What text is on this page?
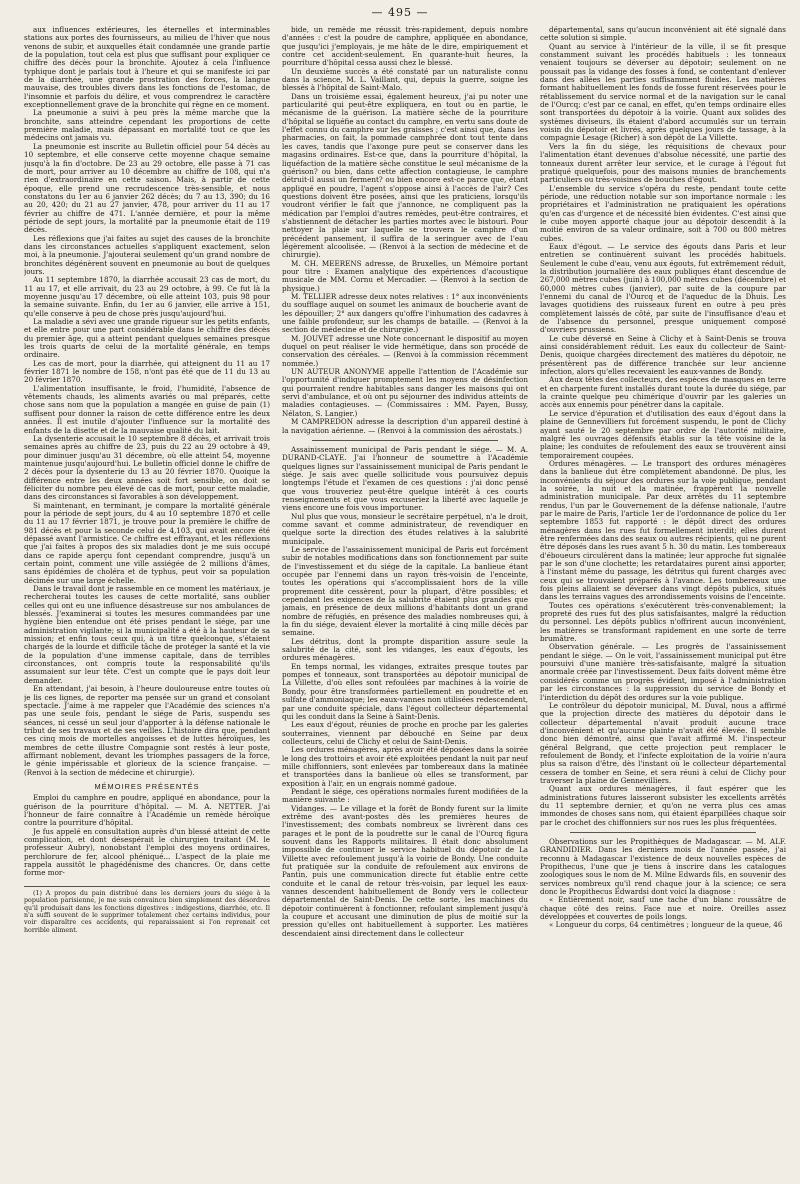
— 495 —

aux influences extérieures, les éternelles et interminables stations aux portes des fournisseurs, au milieu de l'hiver que nous venons de subir, et auxquelles était condamnée une grande partie de la population, tout cela est plus que suffisant pour expliquer ce chiffre des décès pour la bronchite. Ajoutez à cela l'influence typhique dont je parlais tout à l'heure et qui se manifeste ici par de la diarrhée, une grande prostration des forces, la langue mauvaise, des troubles divers dans les fonctions de l'estomac, de l'insomnie et parfois du délire, et vous comprendrez le caractère exceptionnellement grave de la bronchite qui règne en ce moment.

La pneumonie a suivi à peu près la même marche que la bronchite, sans atteindre cependant les proportions de cette première maladie, mais dépassant en mortalité tout ce que les médecins ont jamais vu.

La pneumonie est inscrite au Bulletin officiel pour 54 décès au 10 septembre, et elle conserve cette moyenne chaque semaine jusqu'à la fin d'octobre. De 23 au 29 octobre, elle passe à 71 cas de mort, pour arriver au 10 décembre au chiffre de 108, qui n'a rien d'extraordinaire en cette saison. Mais, à partir de cette époque, elle prend une recrudescence très-sensible, et nous constatons du 1er au 6 janvier 262 décès; du 7 au 13, 390; du 16 au 20, 420; du 21 au 27 janvier, 478, pour arriver du 11 au 17 février au chiffre de 471. L'année dernière, et pour la même période de sept jours, la mortalité par la pneumonie était de 119 décès.

Les réflexions que j'ai faites au sujet des causes de la bronchite dans les circonstances actuelles s'appliquent exactement, selon moi, à la pneumonie. J'ajouterai seulement qu'un grand nombre de bronchites dégénèrent souvent en pneumonie au bout de quelques jours.

Au 11 septembre 1870, la diarrhée accusait 23 cas de mort, du 11 au 17, et elle arrivait, du 23 au 29 octobre, à 99. Ce fut là la moyenne jusqu'au 17 décembre, où elle atteint 103, puis 98 pour la semaine suivante. Enfin, du 1er au 6 janvier, elle arrive à 151, qu'elle conserve à peu de chose près jusqu'aujourd'hui.

La maladie a sévi avec une grande rigueur sur les petits enfants, et elle entre pour une part considérable dans le chiffre des décès du premier âge, qui a atteint pendant quelques semaines presque les trois quarts de celui de la mortalité générale, en temps ordinaire.

Les cas de mort, pour la diarrhée, qui atteignent du 11 au 17 février 1871 le nombre de 158, n'ont pas été que de 11 du 13 au 20 février 1870.

L'alimentation insuffisante, le froid, l'humidité, l'absence de vêtements chauds, les aliments avariés ou mal préparés, cette chose sans nom que la population a mangée en guise de pain (1) suffisent pour donner la raison de cette différence entre les deux années. Il est inutile d'ajouter l'influence sur la mortalité des enfants de la disette et de la mauvaise qualité du lait.

La dysenterie accusait le 10 septembre 8 décès, et arrivait trois semaines après au chiffre de 23, puis du 22 au 29 octobre à 49, pour diminuer jusqu'au 31 décembre, où elle atteint 54, moyenne maintenue jusqu'aujourd'hui. Le bulletin officiel donne le chiffre de 2 décès pour la dysenterie du 13 au 20 février 1870. Quoique la différence entre les deux années soit fort sensible, on doit se féliciter du nombre peu élevé de cas de mort, pour cette maladie, dans des circonstances si favorables à son développement.

Si maintenant, en terminant, je compare la mortalité générale pour la période de sept jours, du 4 au 10 septembre 1870 et celle du 11 au 17 février 1871, je trouve pour la première le chiffre de 981 décès et pour la seconde celui de 4,103, qui avait encore été dépassé avant l'armistice. Ce chiffre est effrayant, et les réflexions que j'ai faites à propos des six maladies dont je me suis occupé dans ce rapide aperçu font cependant comprendre, jusqu'à un certain point, comment une ville assiégée de 2 millions d'âmes, sans épidémies de choléra et de typhus, peut voir sa population décimée sur une large échelle.

Dans le travail dont je rassemble en ce moment les matériaux, je rechercherai toutes les causes de cette mortalité, sans oublier celles qui ont eu une influence désastreuse sur nos ambulances de blessés. J'examinerai si toutes les mesures commandées par une hygiène bien entendue ont été prises pendant le siége, par une administration vigilante; si la municipalité a été à la hauteur de sa mission; et enfin tous ceux qui, à un titre quelconque, s'étaient chargés de la lourde et difficile tâche de protéger la santé et la vie de la population d'une immense capitale, dans de terribles circonstances, ont compris toute la responsabilité qu'ils assumaient sur leur tête. C'est un compte que le pays doit leur demander.

En attendant, j'ai besoin, à l'heure douloureuse entre toutes où je lis ces lignes, de reporter ma pensée sur un grand et consolant spectacle. J'aime à me rappeler que l'Académie des sciences n'a pas une seule fois, pendant le siége de Paris, suspendu ses séances, ni cessé un seul jour d'apporter à la défense nationale le tribut de ses travaux et de ses veilles. L'histoire dira que, pendant ces cinq mois de mortelles angoisses et de luttes héroïques, les membres de cette illustre Compagnie sont restés à leur poste, affirmant noblement, devant les triomphes passagers de la force, le génie impérissable et glorieux de la science française. — (Renvoi à la section de médecine et chirurgie).

MÉMOIRES PRÉSENTÉS

Emploi du camphre en poudre, appliqué en abondance, pour la guérison de la pourriture d'hôpital. — M. A. NETTER. J'ai l'honneur de faire connaître à l'Académie un remède héroïque contre la pourriture d'hôpital.

Je fus appelé en consultation auprès d'un blessé atteint de cette complication, et dont désespérait le chirurgien traitant (M. le professeur Aubry), nonobstant l'emploi des moyens ordinaires, perchlorure de fer, alcool phéniqué... L'aspect de la plaie me rappela aussitôt le phagédénisme des chancres. Or, dans cette forme mor-

(1) A propos du pain distribué dans les derniers jours du siége à la population parisienne, je me suis convaincu bien simplement des désordres qu'il produisait dans les fonctions digestives : indigestions, diarrhée, etc. Il n'a suffi souvent de le supprimer totalement chez certains individus, pour voir disparaître ces accidents, qui reparaissaient si l'on reprenait cet horrible aliment.

bide, un remède me réussit très-rapidement, depuis nombre d'années : c'est la poudre de camphre, appliquée en abondance, que jusqu'ici j'employais, je me hâte de le dire, empiriquement et contre cet accident-seulement. En quarante-huit heures, la pourriture d'hôpital cessa aussi chez le blessé.

Un deuxième succès a été constaté par un naturaliste connu dans la science, M. L. Vaillant, qui, depuis la guerre, soigne les blessés à l'hôpital de Saint-Malo.

Dans un troisième essai, également heureux, j'ai pu noter une particularité qui peut-être expliquera, en tout ou en partie, le mécanisme de la guérison. La matière sèche de la pourriture d'hôpital se liquéfie au contact du camphre, en vertu sans doute de l'effet connu du camphre sur les graisses ; c'est ainsi que, dans les pharmacies, on fait, la pommade camphrée dont tout tente dans les caves, tandis que l'axonge pure peut se conserver dans les magasins ordinaires. Est-ce que, dans la pourriture d'hôpital, la liquéfaction de la matière sèche constitue le seul mécanisme de la guérison? ou bien, dans cette affection contagieuse, le camphre détruit-il aussi un ferment? ou bien encore est-ce parce que, étant appliqué en poudre, l'agent s'oppose ainsi à l'accès de l'air? Ces questions doivent être posées, ainsi que les praticiens, lorsqu'ils voudront vérifier le fait que j'annonce, ne compliquent pas la médication par l'emploi d'autres remèdes, peut-être contraires, et s'abstiennent de détacher les parties mortes avec le bistouri. Pour nettoyer la plaie sur laquelle se trouvera le camphre d'un précédent pansement, il suffira de la seringuer avec de l'eau légèrement alcoolisée. — (Renvoi à la section de médecine et de chirurgie).

M. CH. MEERENS adresse, de Bruxelles, un Mémoire portant pour titre : Examen analytique des expériences d'acoustique musicale de MM. Cornu et Mercadier. — (Renvoi à la section de physique.)

M. TELLIER adresse deux notes relatives : 1° aux inconvénients du soufflage auquel on soumet les animaux de boucherie avant de les dépouiller; 2° aux dangers qu'offre l'inhumation des cadavres à une faible profondeur, sur les champs de bataille. — (Renvoi à la section de médecine et de chirurgie.)

M. JOUVET adresse une Note concernant le dispositif au moyen duquel on peut réaliser le vide hermétique, dans son procédé de conservation des céréales. — (Renvoi à la commission récemment nommée.)

UN AUTEUR ANONYME appelle l'attention de l'Académie sur l'opportunité d'indiquer promptement les moyens de désinfection qui pourraient rendre habitables sans danger les maisons qui ont servi d'ambulance, et où ont pu séjourner des individus atteints de maladies contagieuses. — (Commissaires : MM. Payen, Bussy, Nélaton, S. Langier.)

M CAMPREDON adresse la description d'un appareil destiné à la navigation aérienne. — (Renvoi à la commission des aérostats.)

Assainissement municipal de Paris pendant le siége. — M. A. DURAND-CLAYE. J'ai l'honneur de soumettre à l'Académie quelques lignes sur l'assainissement municipal de Paris pendant le siége. Je sais avec quelle sollicitude vous poursuivez depuis longtemps l'étude et l'examen de ces questions : j'ai donc pensé que vous trouveriez peut-être quelque intérêt à ces courts renseignements et que vous excuseriez la liberté avec laquelle je viens encore une fois vous importuner.

Nul plus que vous, monsieur le secrétaire perpétuel, n'a le droit, comme savant et comme administrateur, de revendiquer en quelque sorte la direction des études relatives à la salubrité municipale.

Le service de l'assainissement municipal de Paris eut forcément subir de notables modifications dans son fonctionnement par suite de l'investissement et du siége de la capitale. La banlieue étant occupée par l'ennemi dans un rayon très-voisin de l'enceinte, toutes les opérations qui s'accomplissaient hors de la ville proprement dite cessèrent, pour la plupart, d'être possibles; et cependant les exigences de la salubrité étaient plus grandes que jamais, en présence de deux millions d'habitants dont un grand nombre de réfugiés, en présence des maladies nombreuses qui, à la fin du siége, devaient élever la mortalité à cinq mille décès par semaine.

Les détritus, dont la prompte disparition assure seule la salubrité de la cité, sont les vidanges, les eaux d'égouts, les ordures ménagères.

En temps normal, les vidanges, extraites presque toutes par pompes et tonneaux, sont transportées au dépotoir municipal de La Villette, d'où elles sont refoulées par machines à la voirie de Bondy, pour être transformées partiellement en poudrette et en sulfate d'ammoniaque; les eaux-vannes non utilisées redescendent, par une conduite spéciale, dans l'égout collecteur départemental qui les conduit dans la Seine à Saint-Denis.

Les eaux d'égout, réunies de proche en proche par les galeries souterraines, viennent par débouché en Seine par deux collecteurs, celui de Clichy et celui de Saint-Denis.

Les ordures ménagères, après avoir été déposées dans la soirée le long des trottoirs et avoir été exploitées pendant la nuit par neuf mille chiffonniers, sont enlevées par tombereaux dans la matinée et transportées dans la banlieue où elles se transforment, par exposition à l'air, en un engrais nommé gadoue.

Pendant le siége, ces opérations normales furent modifiées de la manière suivante :

Vidanges. — Le village et la forêt de Bondy furent sur la limite extrême des avant-postes dès les premières heures de l'investissement; des combats nombreux se livrèrent dans ces parages et le pont de la poudrette sur le canal de l'Ourcq figura souvent dans les Rapports militaires. Il était donc absolument impossible de continuer le service habituel du dépotoir de La Villette avec refoulement jusqu'à la voirie de Bondy. Une conduite fut pratiquée sur la conduite de refoulement aux environs de Pantin, puis une communication directe fut établie entre cette conduite et le canal de retour très-voisin, par lequel les eaux-vannes descendent habituellement de Bondy vers le collecteur départemental de Saint-Denis. De cette sorte, les machines du dépotoir continuèrent à fonctionner, refoulant simplement jusqu'à la coupure et accusant une diminution de plus de moitié sur la pression qu'elles ont habituellement à supporter. Les matières descendaient ainsi directement dans le collecteur

départemental, sans qu'aucun inconvénient ait été signalé dans cette solution si simple.

Quant au service à l'intérieur de la ville, il se fit presque constamment suivant les procédés habituels : les tonneaux venaient toujours se déverser au dépotoir; seulement on ne poussait pas la vidange des fosses à fond, se contentant d'enlever dans des allées les parties suffisamment fluides. Les matières formant habituellement les fonds de fosse furent réservées pour le rétablissement du service normal et de la navigation sur le canal de l'Ourcq; c'est par ce canal, en effet, qu'en temps ordinaire elles sont transportées du dépotoir à la voirie. Quant aux solides des systèmes diviseurs, ils étaient d'abord accumulés sur un terrain voisin du dépotoir et livrés, après quelques jours de tassage, à la compagnie Lesage (Richer) à son dépôt de La Villette.

Vers la fin du siége, les réquisitions de chevaux pour l'alimentation étant devenues d'absolue nécessité, une partie des tonneaux durent arrêter leur service, et le curage à l'égout fut pratiqué quelquefois, pour des maisons munies de branchements particuliers ou très-voisines de bouches d'égout.

L'ensemble du service s'opéra du reste, pendant toute cette période, une réduction notable sur son importance normale : les propriétaires et l'administration ne pratiquaient les opérations qu'en cas d'urgence et de nécessité bien évidentes. C'est ainsi que le cube moyen apporté chaque jour au dépotoir descendit à la moitié environ de sa valeur ordinaire, soit à 700 ou 800 mètres cubes.

Eaux d'égout. — Le service des égouts dans Paris et leur entretien se continuèrent suivant les procédés habituels. Seulement le cube d'eau, venu aux égouts, fut extrêmement réduit, la distribution journalière des eaux publiques étant descendue de 267,000 mètres cubes (juin) à 100,000 mètres cubes (décembre) et 60,000 mètres cubes (janvier), par suite de la coupure par l'ennemi du canal de l'Ourcq et de l'aqueduc de la Dhuis. Les lavages quotidiens des ruisseaux furent en outre à peu près complètement laissés de côté, par suite de l'insuffisance d'eau et de l'absence du personnel, presque uniquement composé d'ouvriers prussiens.

Le cube déversé en Seine à Clichy et à Saint-Denis se trouva ainsi considérablement réduit. Les eaux du collecteur de Saint-Denis, quoique chargées directement des matières du dépotoir, ne présentèrent pas de différence tranchée sur leur ancienne infection, alors qu'elles recevaient les eaux-vannes de Bondy.

Aux deux têtes des collecteurs, des espèces de masques en terre et en charpente furent installés durant toute la durée du siége, par la crainte quelque peu chimérique d'ouvrir par les galeries un accès aux ennemis pour pénétrer dans la capitale.

Le service d'épuration et d'utilisation des eaux d'égout dans la plaine de Gennevilliers fut forcément suspendu, le pont de Clichy ayant sauté le 20 septembre par ordre de l'autorité militaire, malgré les ouvrages défensifs établis sur la tête voisine de la plaine; les conduites de refoulement des eaux se trouvèrent ainsi temporairement coupées.

Ordures ménagères. — Le transport des ordures ménagères dans la banlieue dut être complètement abandonné. De plus, les inconvénients du séjour des ordures sur la voie publique, pendant la soirée, la nuit et la matinée, frappèrent la nouvelle administration municipale. Par deux arrêtés du 11 septembre rendus, l'un par le Gouvernement de la défense nationale, l'autre par le maire de Paris, l'article 1er de l'ordonnance de police du 1er septembre 1853 fut rapporté : le dépôt direct des ordures ménagères dans les rues fut formellement interdit; elles durent être renfermées dans des seaux ou autres récipients, qui ne purent être déposés dans les rues avant 5 h. 30 du matin. Les tombereaux d'éboueurs circulèrent dans la matinée; leur approche fut signalée par le son d'une clochette; les retardataires purent ainsi apporter, à l'instant même du passage, les détritus qui furent chargés avec ceux qui se trouvaient préparés à l'avance. Les tombereaux une fois pleins allaient se déverser dans vingt dépôts publics, situés dans les terrains vagues des arrondissements voisins de l'enceinte.

Toutes ces opérations s'exécutèrent très-convenablement; la propreté des rues fut des plus satisfaisantes, malgré la réduction du personnel. Les dépôts publics n'offrirent aucun inconvénient, les matières se transformant rapidement en une sorte de terre brumâtre.

Observation générale. — Les progrès de l'assainissement pendant le siége. — On le voit, l'assainissement municipal put être poursuivi d'une manière très-satisfaisante, malgré la situation anormale créée par l'investissement. Deux faits doivent même être considérés comme un progrès évident, imposé à l'administration par les circonstances : la suppression du service de Bondy et l'interdiction du dépôt des ordures sur la voie publique.

Le contrôleur du dépotoir municipal, M. Duval, nous a affirmé que la projection directe des matières du dépotoir dans le collecteur départemental n'avait produit aucune trace d'inconvénient et qu'aucune plainte n'avait été élevée. Il semble donc bien démontré, ainsi que l'avait affirmé M. l'inspecteur général Belgrand, que cette projection peut remplacer le refoulement de Bondy, et l'infecte exploitation de la voirie n'aura plus sa raison d'être, dès l'instant où le collecteur départemental cessera de tomber en Seine, et sera réuni à celui de Clichy pour traverser la plaine de Gennevilliers.

Quant aux ordures ménagères, il faut espérer que les administrations futures laisseront subsister les excellents arrêtés du 11 septembre dernier, et qu'on ne verra plus ces amas immondes de choses sans nom, qui étaient éparpillées chaque soir par le crochet des chiffonniers sur nos rues les plus fréquentées.

Observations sur les Propithèques de Madagascar. — M. ALF. GRANDIDIER. Dans les derniers mois de l'année passée, j'ai reconnu à Madagascar l'existence de deux nouvelles espèces de Propithecus, l'une que je tiens à inscrire dans les catalogues zoologiques sous le nom de M. Milne Edwards fils, en souvenir des services nombreux qu'il rend chaque jour à la science; ce sera donc le Propithecus Edwardsi dont voici la diagnose :

« Entièrement noir, sauf une tache d'un blanc roussâtre de chaque côté des reins. Face nue et noire. Oreilles assez développées et couvertes de poils longs.

« Longueur du corps, 64 centimètres ; longueur de la queue, 46
